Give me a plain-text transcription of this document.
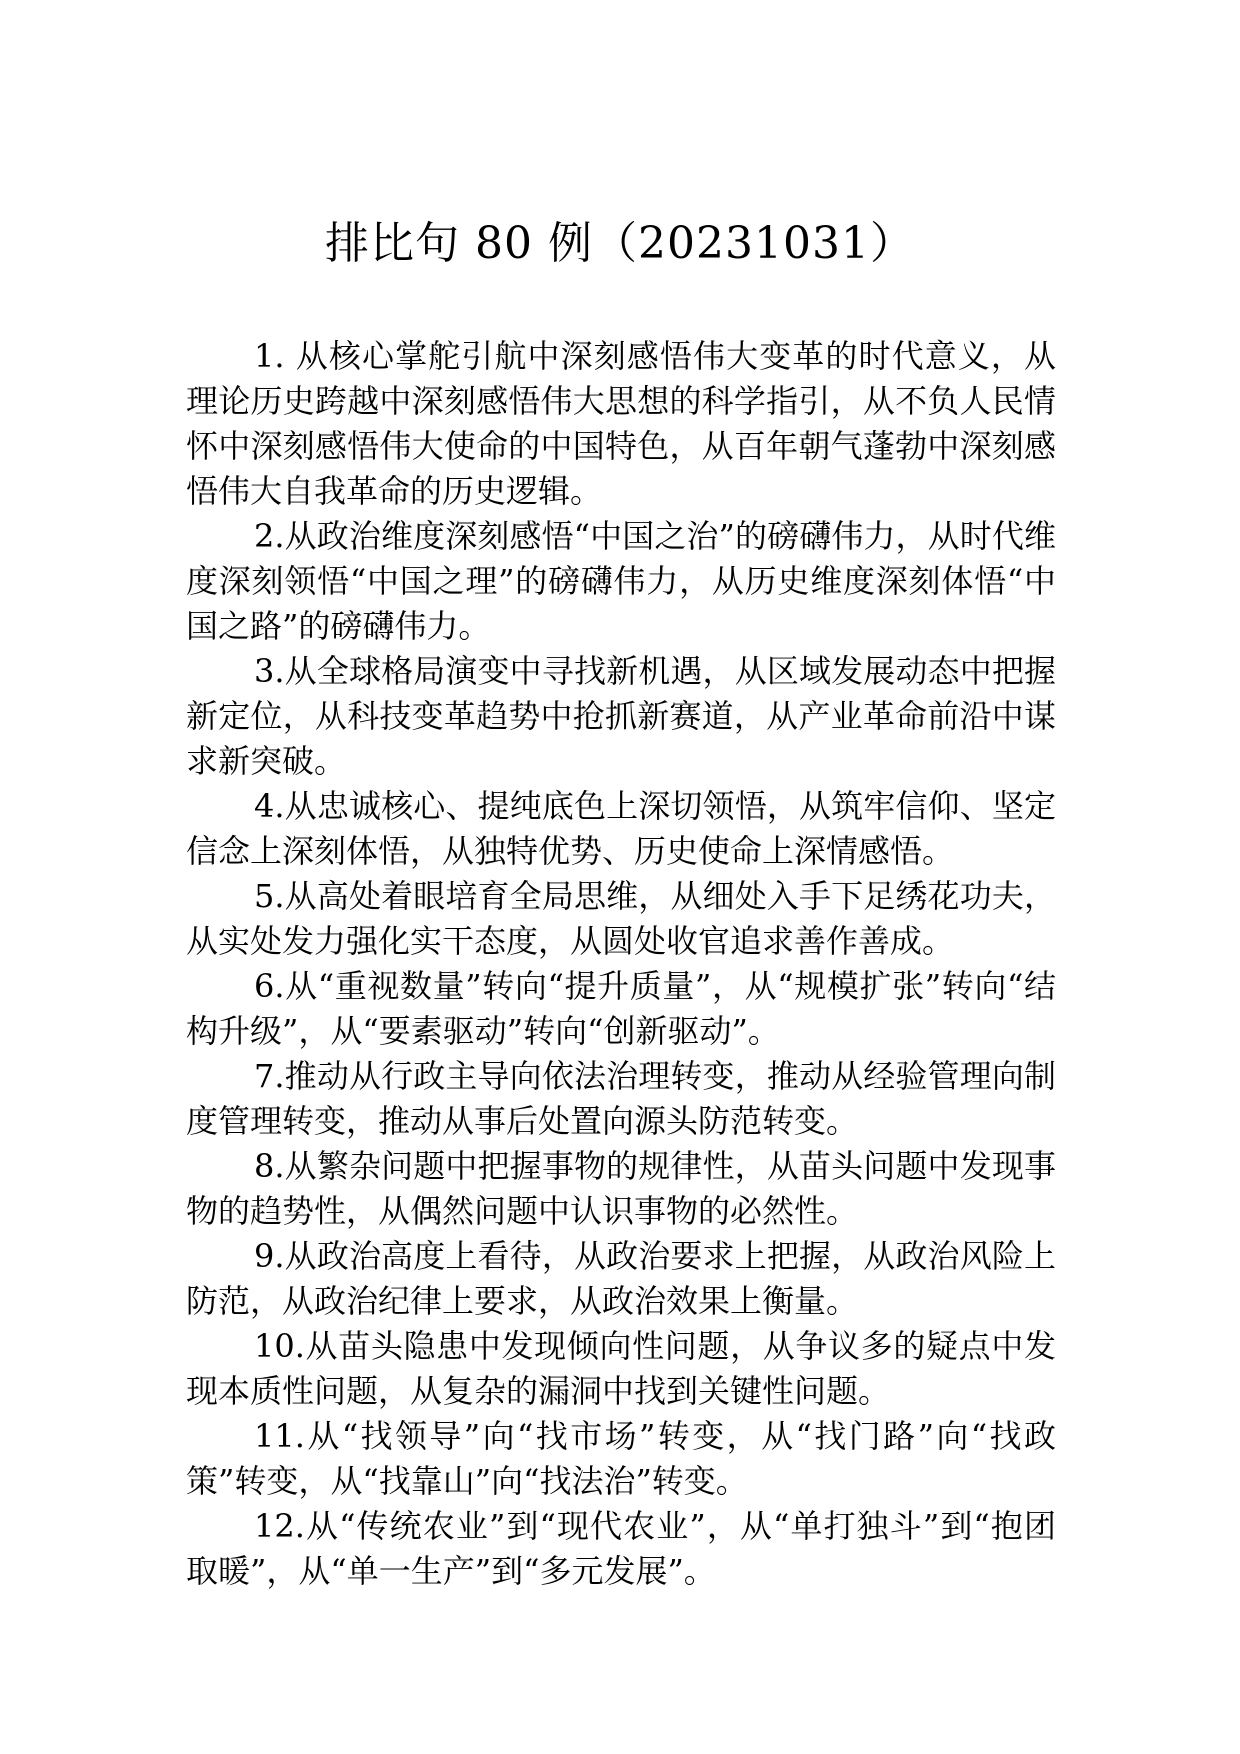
排比句 80 例（20231031）

1. 从核心掌舵引航中深刻感悟伟大变革的时代意义，从理论历史跨越中深刻感悟伟大思想的科学指引，从不负人民情怀中深刻感悟伟大使命的中国特色，从百年朝气蓬勃中深刻感悟伟大自我革命的历史逻辑。

2.从政治维度深刻感悟“中国之治”的磅礴伟力，从时代维度深刻领悟“中国之理”的磅礴伟力，从历史维度深刻体悟“中国之路”的磅礴伟力。

3.从全球格局演变中寻找新机遇，从区域发展动态中把握新定位，从科技变革趋势中抢抓新赛道，从产业革命前沿中谋求新突破。

4.从忠诚核心、提纯底色上深切领悟，从筑牢信仰、坚定信念上深刻体悟，从独特优势、历史使命上深情感悟。

5.从高处着眼培育全局思维，从细处入手下足绣花功夫，从实处发力强化实干态度，从圆处收官追求善作善成。

6.从“重视数量”转向“提升质量”，从“规模扩张”转向“结构升级”，从“要素驱动”转向“创新驱动”。

7.推动从行政主导向依法治理转变，推动从经验管理向制度管理转变，推动从事后处置向源头防范转变。

8.从繁杂问题中把握事物的规律性，从苗头问题中发现事物的趋势性，从偶然问题中认识事物的必然性。

9.从政治高度上看待，从政治要求上把握，从政治风险上防范，从政治纪律上要求，从政治效果上衡量。

10.从苗头隐患中发现倾向性问题，从争议多的疑点中发现本质性问题，从复杂的漏洞中找到关键性问题。

11.从“找领导”向“找市场”转变，从“找门路”向“找政策”转变，从“找靠山”向“找法治”转变。

12.从“传统农业”到“现代农业”，从“单打独斗”到“抱团取暖”，从“单一生产”到“多元发展”。
